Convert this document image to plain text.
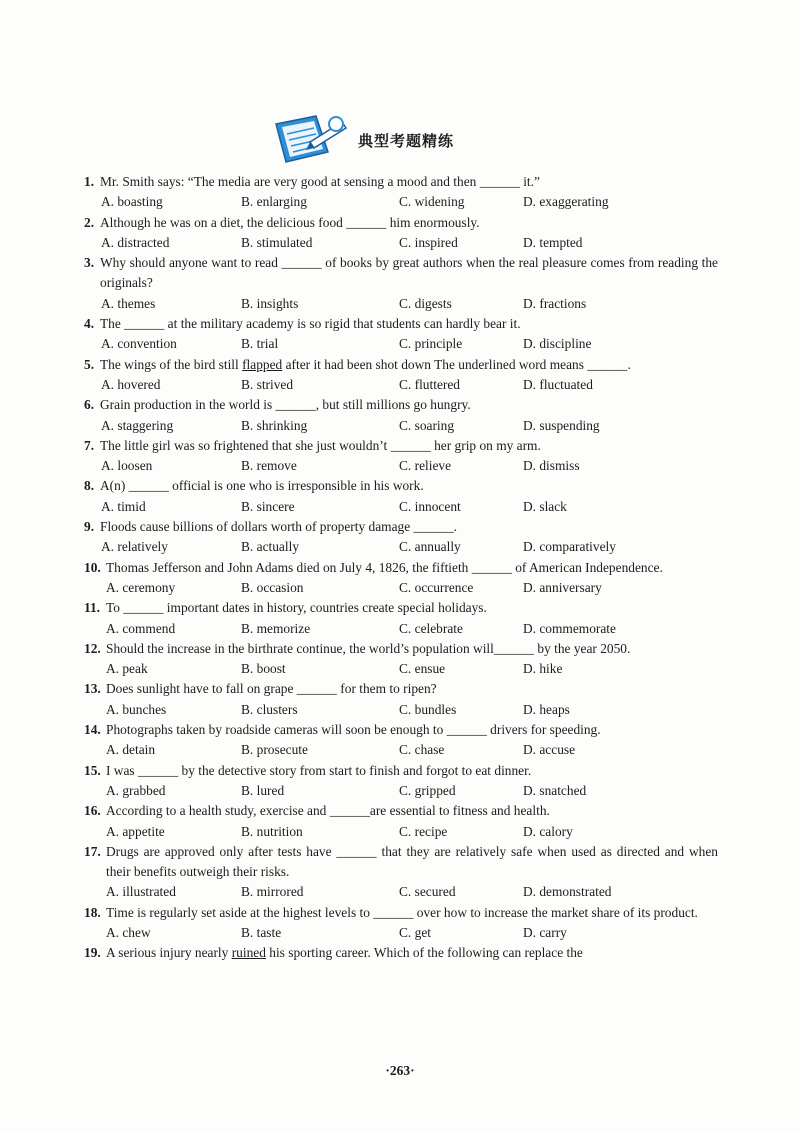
典型考题精练
1. Mr. Smith says: “The media are very good at sensing a mood and then ______ it.”
A. boasting	B. enlarging	C. widening	D. exaggerating
2. Although he was on a diet, the delicious food ______ him enormously.
A. distracted	B. stimulated	C. inspired	D. tempted
3. Why should anyone want to read ______ of books by great authors when the real pleasure comes from reading the originals?
A. themes	B. insights	C. digests	D. fractions
4. The ______ at the military academy is so rigid that students can hardly bear it.
A. convention	B. trial	C. principle	D. discipline
5. The wings of the bird still flapped after it had been shot down The underlined word means ______.
A. hovered	B. strived	C. fluttered	D. fluctuated
6. Grain production in the world is ______, but still millions go hungry.
A. staggering	B. shrinking	C. soaring	D. suspending
7. The little girl was so frightened that she just wouldn’t ______ her grip on my arm.
A. loosen	B. remove	C. relieve	D. dismiss
8. A(n) ______ official is one who is irresponsible in his work.
A. timid	B. sincere	C. innocent	D. slack
9. Floods cause billions of dollars worth of property damage ______.
A. relatively	B. actually	C. annually	D. comparatively
10. Thomas Jefferson and John Adams died on July 4, 1826, the fiftieth ______ of American Independence.
A. ceremony	B. occasion	C. occurrence	D. anniversary
11. To ______ important dates in history, countries create special holidays.
A. commend	B. memorize	C. celebrate	D. commemorate
12. Should the increase in the birthrate continue, the world’s population will______ by the year 2050.
A. peak	B. boost	C. ensue	D. hike
13. Does sunlight have to fall on grape ______ for them to ripen?
A. bunches	B. clusters	C. bundles	D. heaps
14. Photographs taken by roadside cameras will soon be enough to ______ drivers for speeding.
A. detain	B. prosecute	C. chase	D. accuse
15. I was ______ by the detective story from start to finish and forgot to eat dinner.
A. grabbed	B. lured	C. gripped	D. snatched
16. According to a health study, exercise and ______are essential to fitness and health.
A. appetite	B. nutrition	C. recipe	D. calory
17. Drugs are approved only after tests have ______ that they are relatively safe when used as directed and when their benefits outweigh their risks.
A. illustrated	B. mirrored	C. secured	D. demonstrated
18. Time is regularly set aside at the highest levels to ______ over how to increase the market share of its product.
A. chew	B. taste	C. get	D. carry
19. A serious injury nearly ruined his sporting career. Which of the following can replace the
·263·
